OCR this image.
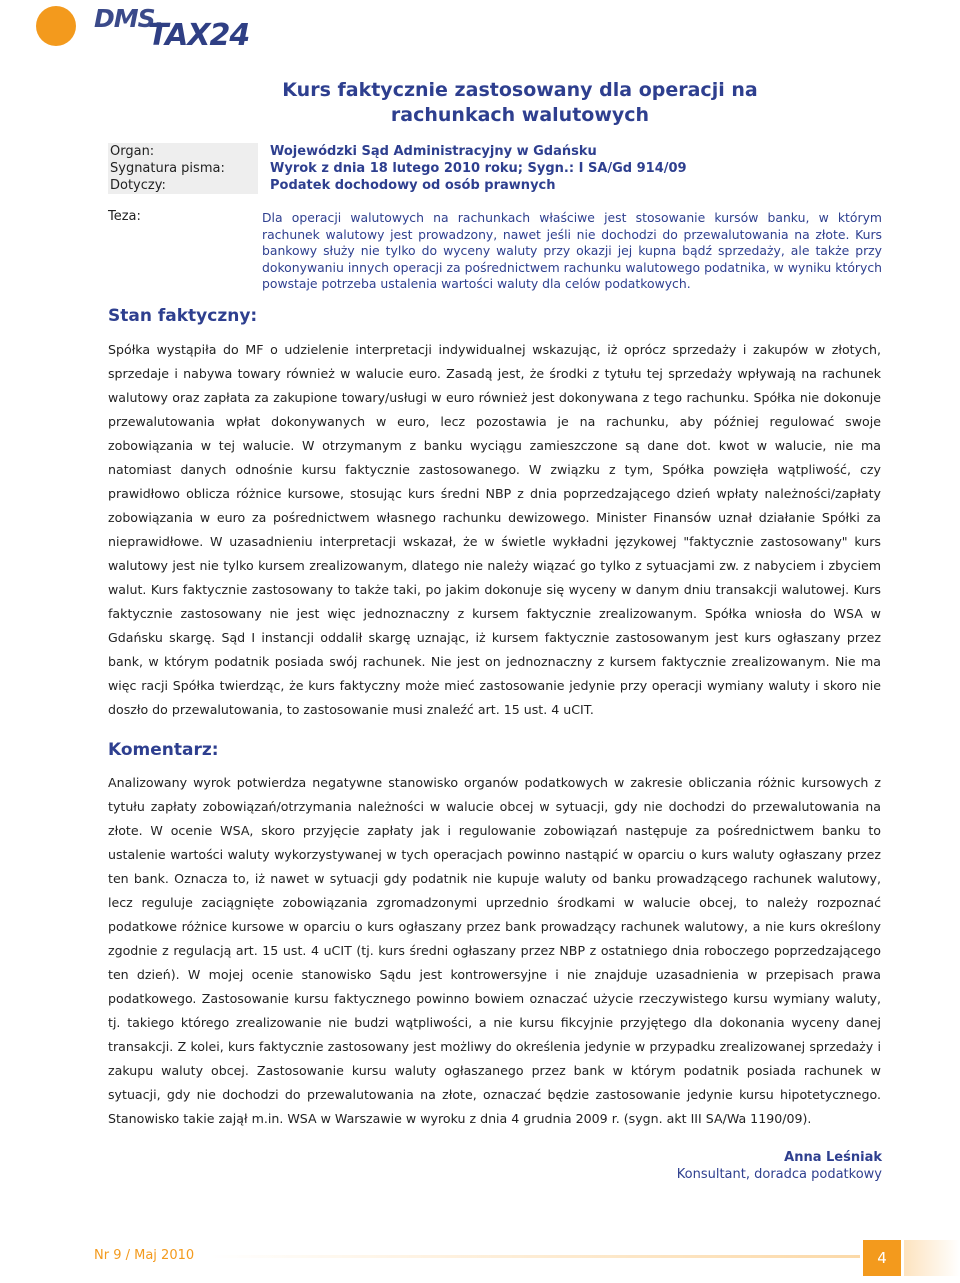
DMS.
TAX24
Kurs faktycznie zastosowany dla operacji na rachunkach walutowych
Organ:	Wojewódzki Sąd Administracyjny w Gdańsku
Sygnatura pisma:	Wyrok z dnia 18 lutego 2010 roku; Sygn.: I SA/Gd 914/09
Dotyczy:	Podatek dochodowy od osób prawnych
Teza:	Dla operacji walutowych na rachunkach właściwe jest stosowanie kursów banku, w którym rachunek walutowy jest prowadzony, nawet jeśli nie dochodzi do przewalutowania na złote. Kurs bankowy służy nie tylko do wyceny waluty przy okazji jej kupna bądź sprzedaży, ale także przy dokonywaniu innych operacji za pośrednictwem rachunku walutowego podatnika, w wyniku których powstaje potrzeba ustalenia wartości waluty dla celów podatkowych.
Stan faktyczny:
Spółka wystąpiła do MF o udzielenie interpretacji indywidualnej wskazując, iż oprócz sprzedaży i zakupów w złotych, sprzedaje i nabywa towary również w walucie euro. Zasadą jest, że środki z tytułu tej sprzedaży wpływają na rachunek walutowy oraz zapłata za zakupione towary/usługi w euro również jest dokonywana z tego rachunku. Spółka nie dokonuje przewalutowania wpłat dokonywanych w euro, lecz pozostawia je na rachunku, aby później regulować swoje zobowiązania w tej walucie. W otrzymanym z banku wyciągu zamieszczone są dane dot. kwot w walucie, nie ma natomiast danych odnośnie kursu faktycznie zastosowanego. W związku z tym, Spółka powzięła wątpliwość, czy prawidłowo oblicza różnice kursowe, stosując kurs średni NBP z dnia poprzedzającego dzień wpłaty należności/zapłaty zobowiązania w euro za pośrednictwem własnego rachunku dewizowego. Minister Finansów uznał działanie Spółki za nieprawidłowe. W uzasadnieniu interpretacji wskazał, że w świetle wykładni językowej "faktycznie zastosowany" kurs walutowy jest nie tylko kursem zrealizowanym, dlatego nie należy wiązać go tylko z sytuacjami zw. z nabyciem i zbyciem walut. Kurs faktycznie zastosowany to także taki, po jakim dokonuje się wyceny w danym dniu transakcji walutowej. Kurs faktycznie zastosowany nie jest więc jednoznaczny z kursem faktycznie zrealizowanym. Spółka wniosła do WSA w Gdańsku skargę. Sąd I instancji oddalił skargę uznając, iż kursem faktycznie zastosowanym jest kurs ogłaszany przez bank, w którym podatnik posiada swój rachunek. Nie jest on jednoznaczny z kursem faktycznie zrealizowanym. Nie ma więc racji Spółka twierdząc, że kurs faktyczny może mieć zastosowanie jedynie przy operacji wymiany waluty i skoro nie doszło do przewalutowania, to zastosowanie musi znaleźć art. 15 ust. 4 uCIT.
Komentarz:
Analizowany wyrok potwierdza negatywne stanowisko organów podatkowych w zakresie obliczania różnic kursowych z tytułu zapłaty zobowiązań/otrzymania należności w walucie obcej w sytuacji, gdy nie dochodzi do przewalutowania na złote. W ocenie WSA, skoro przyjęcie zapłaty jak i regulowanie zobowiązań następuje za pośrednictwem banku to ustalenie wartości waluty wykorzystywanej w tych operacjach powinno nastąpić w oparciu o kurs waluty ogłaszany przez ten bank. Oznacza to, iż nawet w sytuacji gdy podatnik nie kupuje waluty od banku prowadzącego rachunek walutowy, lecz reguluje zaciągnięte zobowiązania zgromadzonymi uprzednio środkami w walucie obcej, to należy rozpoznać podatkowe różnice kursowe w oparciu o kurs ogłaszany przez bank prowadzący rachunek walutowy, a nie kurs określony zgodnie z regulacją art. 15 ust. 4 uCIT (tj. kurs średni ogłaszany przez NBP z ostatniego dnia roboczego poprzedzającego ten dzień). W mojej ocenie stanowisko Sądu jest kontrowersyjne i nie znajduje uzasadnienia w przepisach prawa podatkowego. Zastosowanie kursu faktycznego powinno bowiem oznaczać użycie rzeczywistego kursu wymiany waluty, tj. takiego którego zrealizowanie nie budzi wątpliwości, a nie kursu fikcyjnie przyjętego dla dokonania wyceny danej transakcji. Z kolei, kurs faktycznie zastosowany jest możliwy do określenia jedynie w przypadku zrealizowanej sprzedaży i zakupu waluty obcej. Zastosowanie kursu waluty ogłaszanego przez bank w którym podatnik posiada rachunek w sytuacji, gdy nie dochodzi do przewalutowania na złote, oznaczać będzie zastosowanie jedynie kursu hipotetycznego. Stanowisko takie zajął m.in. WSA w Warszawie w wyroku z dnia 4 grudnia 2009 r. (sygn. akt III SA/Wa 1190/09).
Anna Leśniak
Konsultant, doradca podatkowy
Nr 9 / Maj 2010	4
